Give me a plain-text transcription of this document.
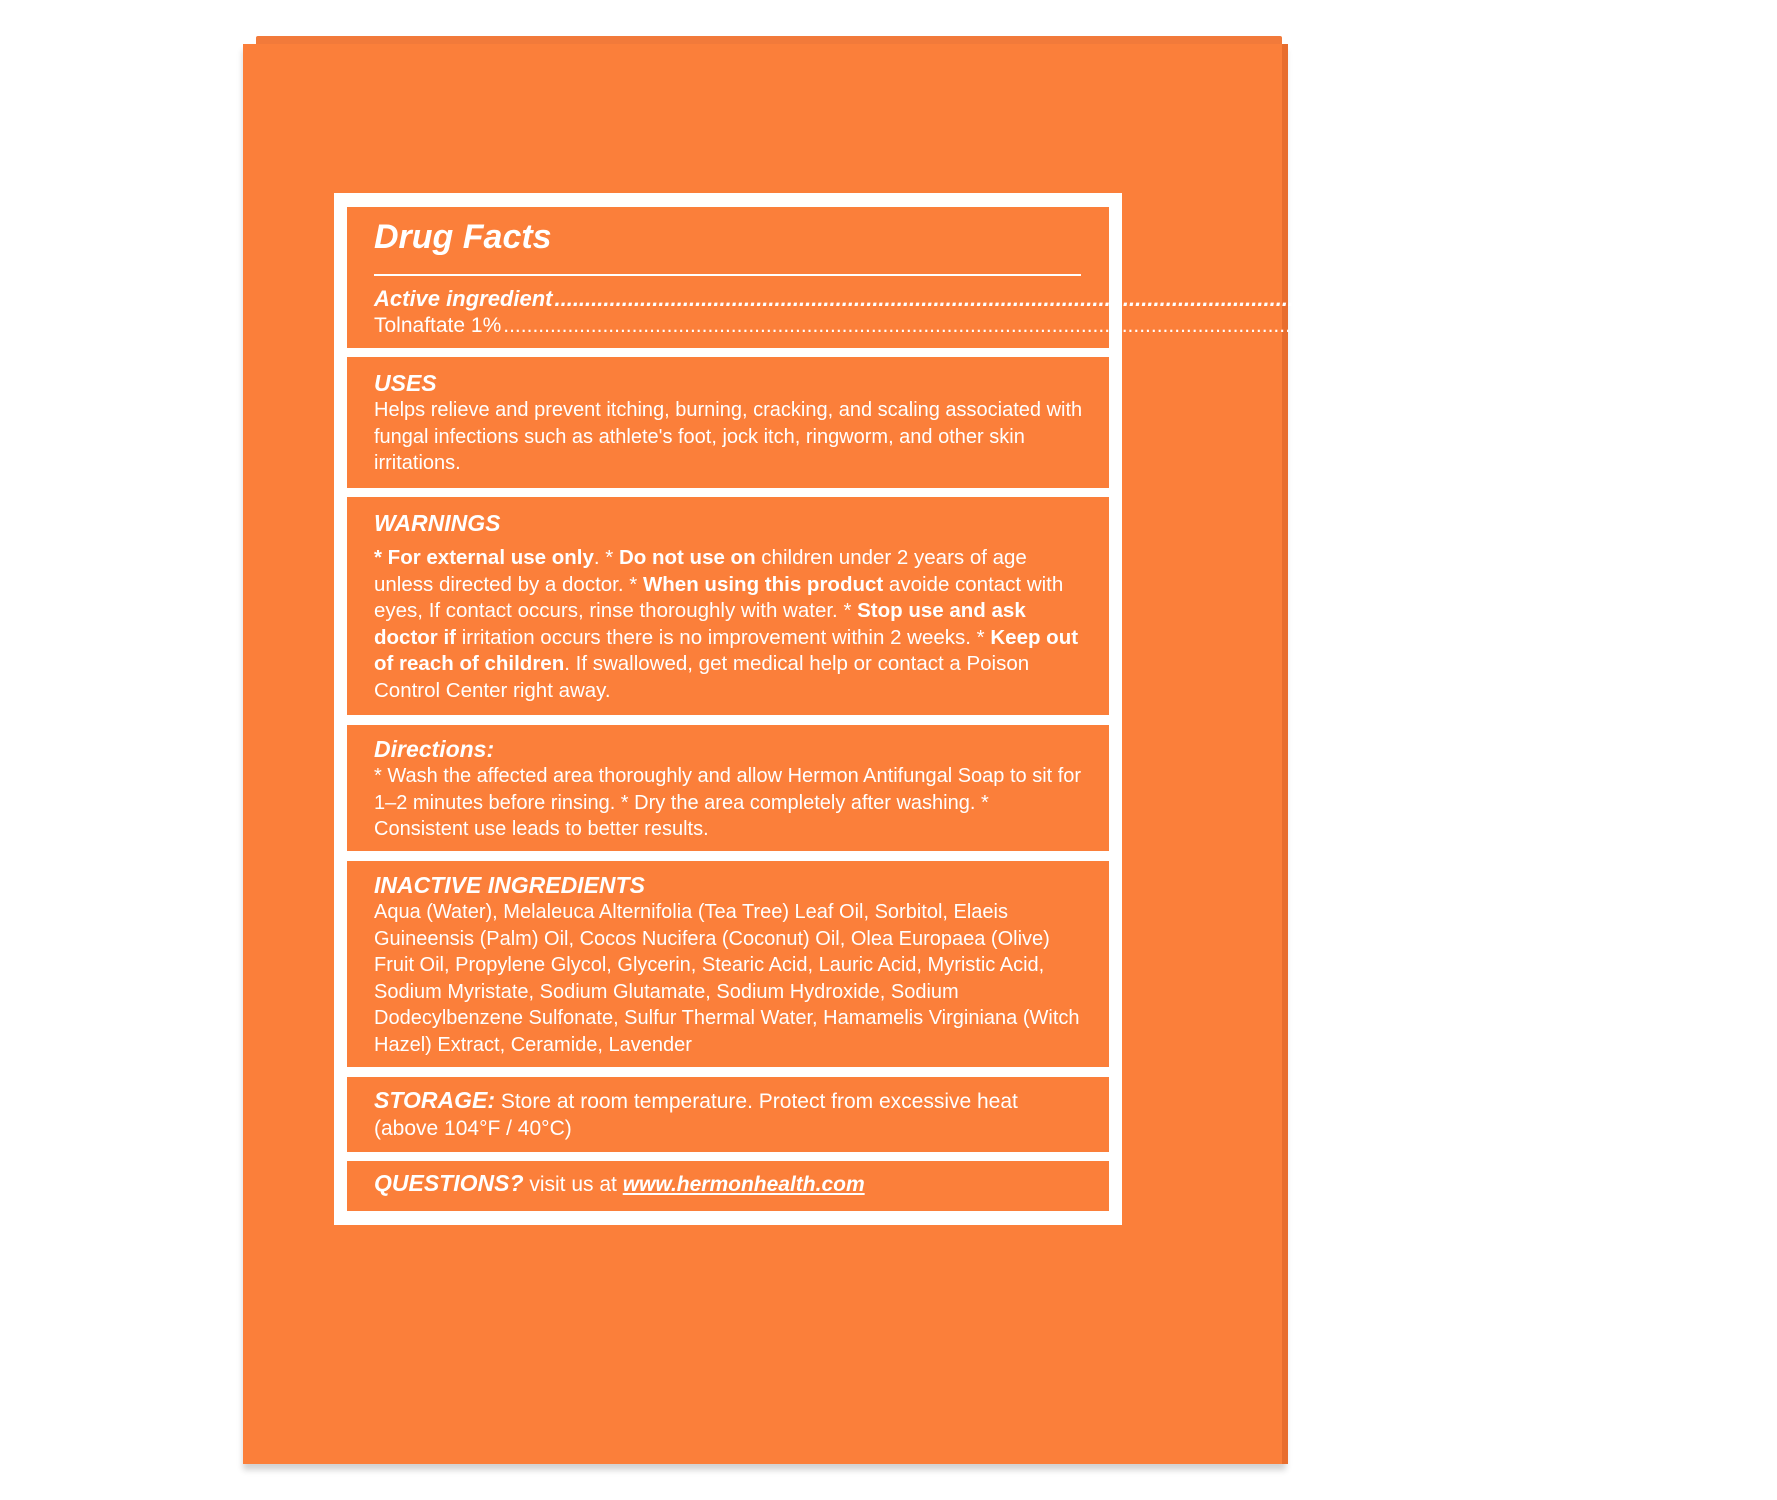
Drug Facts
Active ingredient ................................................................................................................................................................... Purpose
Tolnaftate 1% .......................................................................................................................................................................................................... Antifungal
USES
Helps relieve and prevent itching, burning, cracking, and scaling associated with fungal infections such as athlete's foot, jock itch, ringworm, and other skin irritations.
WARNINGS
* For external use only. * Do not use on children under 2 years of age unless directed by a doctor. * When using this product avoide contact with eyes, If contact occurs, rinse thoroughly with water. * Stop use and ask doctor if irritation occurs there is no improvement within 2 weeks. * Keep out of reach of children. If swallowed, get medical help or contact a Poison Control Center right away.
Directions:
* Wash the affected area thoroughly and allow Hermon Antifungal Soap to sit for 1–2 minutes before rinsing. * Dry the area completely after washing. * Consistent use leads to better results.
INACTIVE INGREDIENTS
Aqua (Water), Melaleuca Alternifolia (Tea Tree) Leaf Oil, Sorbitol, Elaeis Guineensis (Palm) Oil, Cocos Nucifera (Coconut) Oil, Olea Europaea (Olive) Fruit Oil, Propylene Glycol, Glycerin, Stearic Acid, Lauric Acid, Myristic Acid, Sodium Myristate, Sodium Glutamate, Sodium Hydroxide, Sodium Dodecylbenzene Sulfonate, Sulfur Thermal Water, Hamamelis Virginiana (Witch Hazel) Extract, Ceramide, Lavender
STORAGE: Store at room temperature. Protect from excessive heat (above 104°F / 40°C)
QUESTIONS? visit us at www.hermonhealth.com
